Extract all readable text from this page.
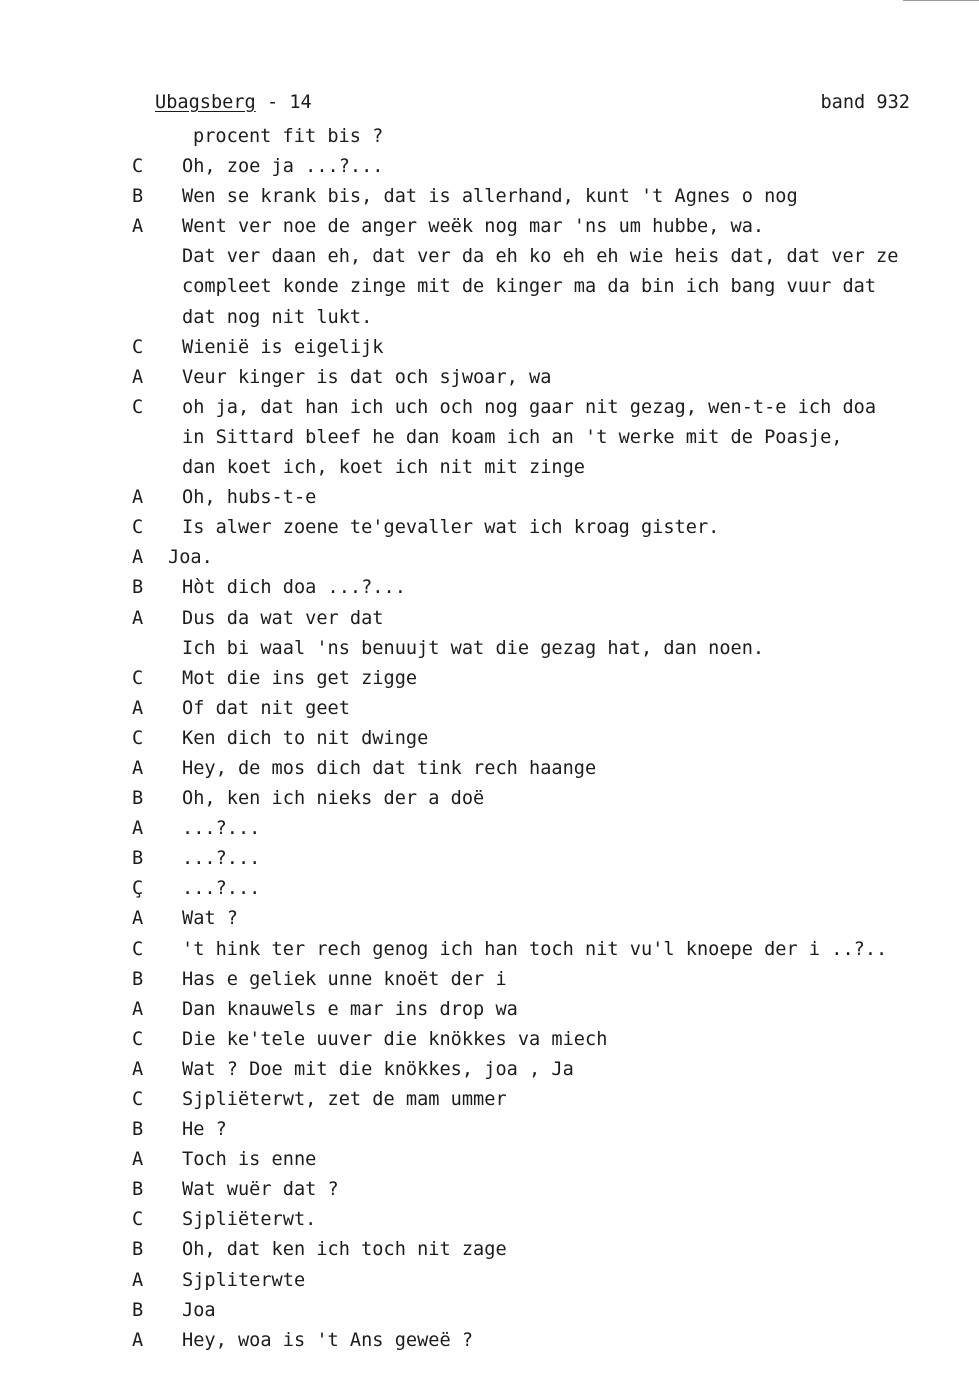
Ubagsberg - 14	band 932
procent fit bis ?
C Oh, zoe ja ...?...
B Wen se krank bis, dat is allerhand, kunt 't Agnes o nog
A Went ver noe de anger weëk nog mar 'ns um hubbe, wa.
Dat ver daan eh, dat ver da eh ko eh eh wie heis dat, dat ver ze
compleet konde zinge mit de kinger ma da bin ich bang vuur dat
dat nog nit lukt.
C Wienië is eigelijk
A Veur kinger is dat och sjwoar, wa
C oh ja, dat han ich uch och nog gaar nit gezag, wen-t-e ich doa
in Sittard bleef he dan koam ich an 't werke mit de Poasje,
dan koet ich, koet ich nit mit zinge
A Oh, hubs-t-e
C Is alwer zoene te'gevaller wat ich kroag gister.
A Joa.
B Hòt dich doa ...?...
A Dus da wat ver dat
Ich bi waal 'ns benuujt wat die gezag hat, dan noen.
C Mot die ins get zigge
A Of dat nit geet
C Ken dich to nit dwinge
A Hey, de mos dich dat tink rech haange
B Oh, ken ich nieks der a doë
A ...?...
B ...?...
Ç ...?...
A Wat ?
C 't hink ter rech genog ich han toch nit vu'l knoepe der i ..?..
B Has e geliek unne knoët der i
A Dan knauwels e mar ins drop wa
C Die ke'tele uuver die knökkes va miech
A Wat ? Doe mit die knökkes, joa , Ja
C Sjpliëterwt, zet de mam ummer
B He ?
A Toch is enne
B Wat wuër dat ?
C Sjpliëterwt.
B Oh, dat ken ich toch nit zage
A Sjpliterwte
B Joa
A Hey, woa is 't Ans geweë ?
